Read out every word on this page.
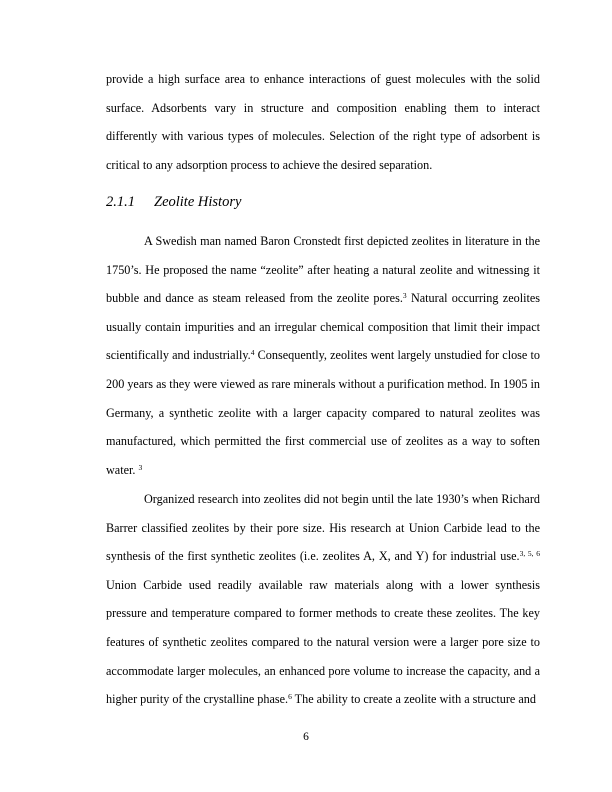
provide a high surface area to enhance interactions of guest molecules with the solid surface. Adsorbents vary in structure and composition enabling them to interact differently with various types of molecules. Selection of the right type of adsorbent is critical to any adsorption process to achieve the desired separation.

2.1.1 Zeolite History

A Swedish man named Baron Cronstedt first depicted zeolites in literature in the 1750’s. He proposed the name “zeolite” after heating a natural zeolite and witnessing it bubble and dance as steam released from the zeolite pores.$^3$ Natural occurring zeolites usually contain impurities and an irregular chemical composition that limit their impact scientifically and industrially.$^4$ Consequently, zeolites went largely unstudied for close to 200 years as they were viewed as rare minerals without a purification method. In 1905 in Germany, a synthetic zeolite with a larger capacity compared to natural zeolites was manufactured, which permitted the first commercial use of zeolites as a way to soften water. $^3$

Organized research into zeolites did not begin until the late 1930’s when Richard Barrer classified zeolites by their pore size. His research at Union Carbide lead to the synthesis of the first synthetic zeolites (i.e. zeolites A, X, and Y) for industrial use.$^{3, 5, 6}$ Union Carbide used readily available raw materials along with a lower synthesis pressure and temperature compared to former methods to create these zeolites. The key features of synthetic zeolites compared to the natural version were a larger pore size to accommodate larger molecules, an enhanced pore volume to increase the capacity, and a higher purity of the crystalline phase.$^6$ The ability to create a zeolite with a structure and

6
